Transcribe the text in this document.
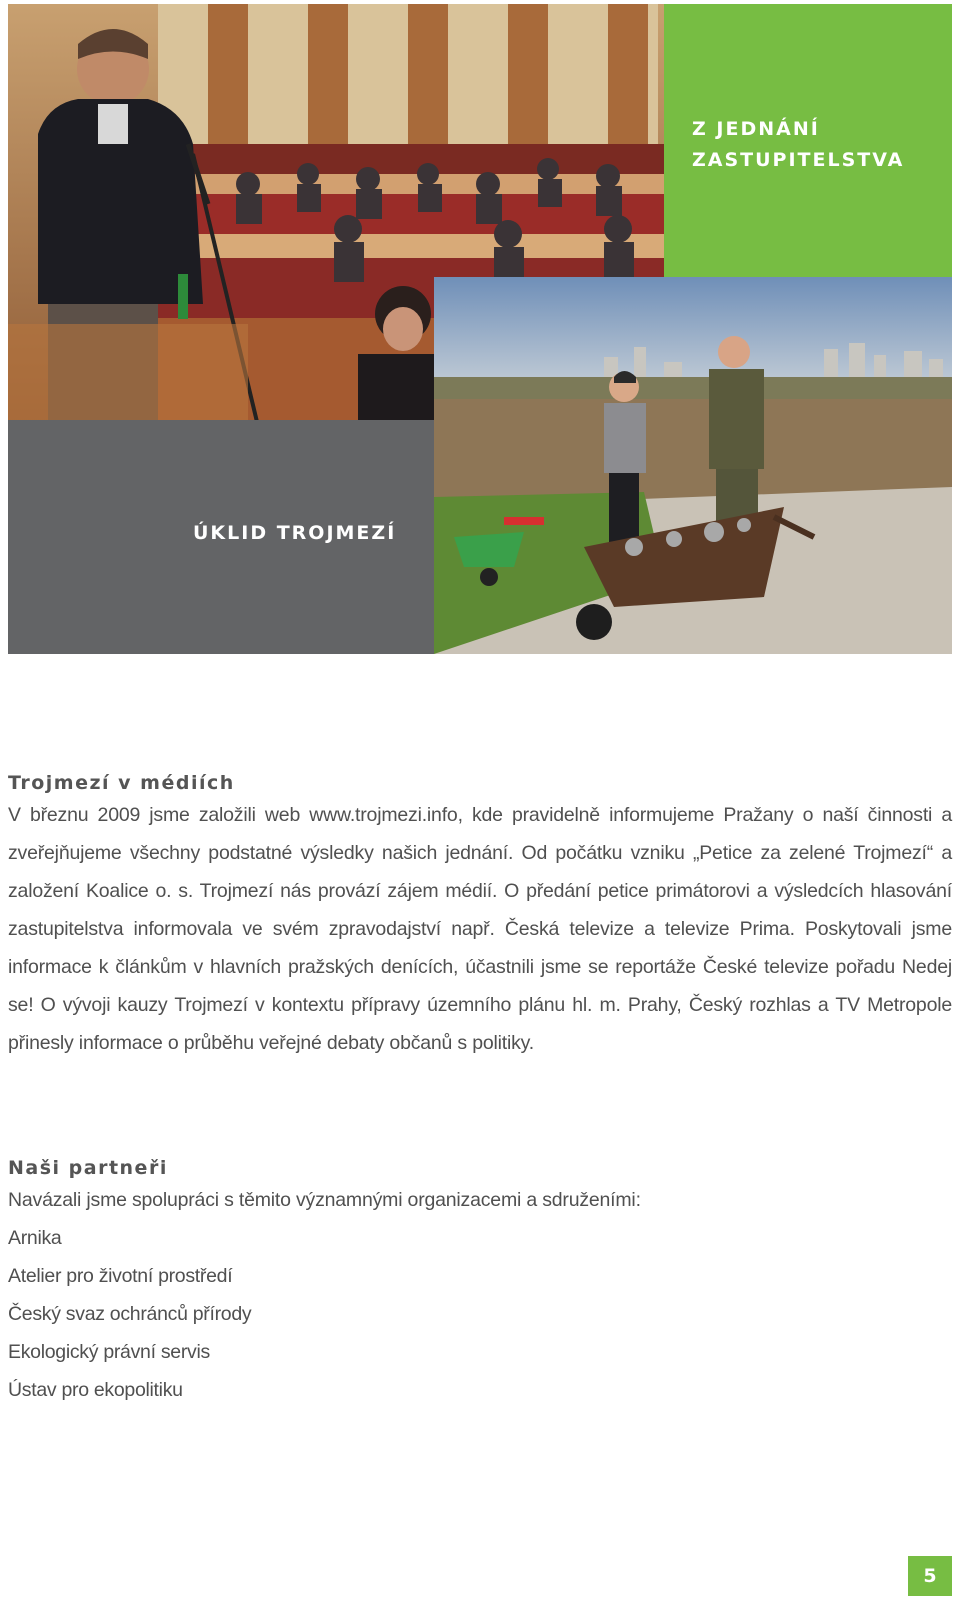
Z JEDNÁNÍ
ZASTUPITELSTVA
ÚKLID TROJMEZÍ
Trojmezí v médiích

V březnu 2009 jsme založili web www.trojmezi.info, kde pravidelně informujeme Pražany o naší činnosti a zveřejňujeme všechny podstatné výsledky našich jednání. Od počátku vzniku „Petice za zelené Trojmezí“ a založení Koalice o. s. Trojmezí nás provází zájem médií. O předání petice primátorovi a výsledcích hlasování zastupitelstva informovala ve svém zpravodajství např. Česká televize a televize Prima. Poskytovali jsme informace k článkům v hlavních pražských denících, účastnili jsme se reportáže České televize pořadu Nedej se! O vývoji kauzy Trojmezí v kontextu přípravy územního plánu hl. m. Prahy, Český rozhlas a TV Metropole přinesly informace o průběhu veřejné debaty občanů s politiky.

Naši partneři

Navázali jsme spolupráci s těmito významnými organizacemi a sdruženími:

Arnika
Atelier pro životní prostředí
Český svaz ochránců přírody
Ekologický právní servis
Ústav pro ekopolitiku
5
